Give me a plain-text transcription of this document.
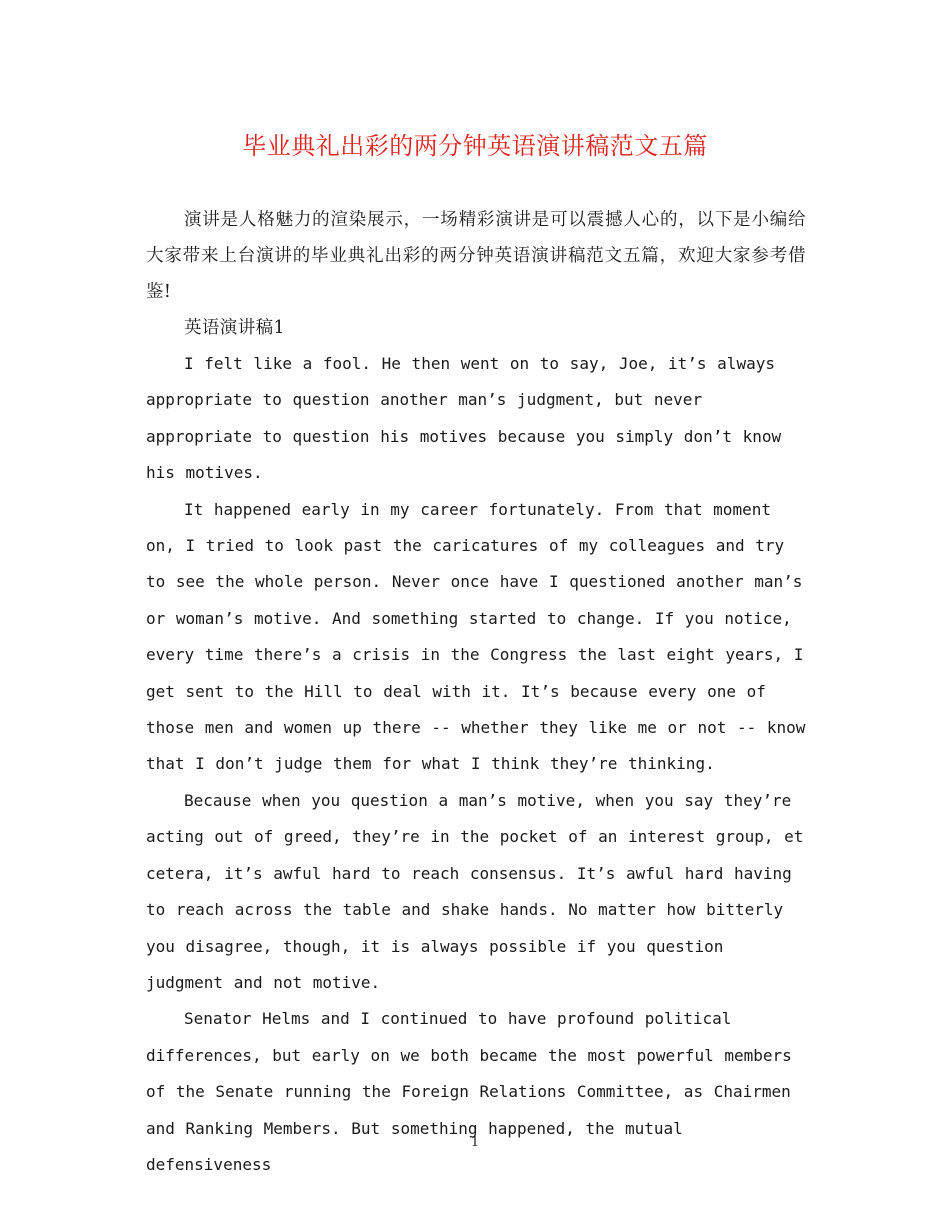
毕业典礼出彩的两分钟英语演讲稿范文五篇

演讲是人格魅力的渲染展示，一场精彩演讲是可以震撼人心的，以下是小编给大家带来上台演讲的毕业典礼出彩的两分钟英语演讲稿范文五篇，欢迎大家参考借鉴!

英语演讲稿1

I felt like a fool. He then went on to say, Joe, it’s always appropriate to question another man’s judgment, but never appropriate to question his motives because you simply don’t know his motives.

It happened early in my career fortunately. From that moment on, I tried to look past the caricatures of my colleagues and try to see the whole person. Never once have I questioned another man’s or woman’s motive. And something started to change. If you notice, every time there’s a crisis in the Congress the last eight years, I get sent to the Hill to deal with it. It’s because every one of those men and women up there -- whether they like me or not -- know that I don’t judge them for what I think they’re thinking.

Because when you question a man’s motive, when you say they’re acting out of greed, they’re in the pocket of an interest group, et cetera, it’s awful hard to reach consensus. It’s awful hard having to reach across the table and shake hands. No matter how bitterly you disagree, though, it is always possible if you question judgment and not motive.

Senator Helms and I continued to have profound political differences, but early on we both became the most powerful members of the Senate running the Foreign Relations Committee, as Chairmen and Ranking Members. But something happened, the mutual defensiveness

1
